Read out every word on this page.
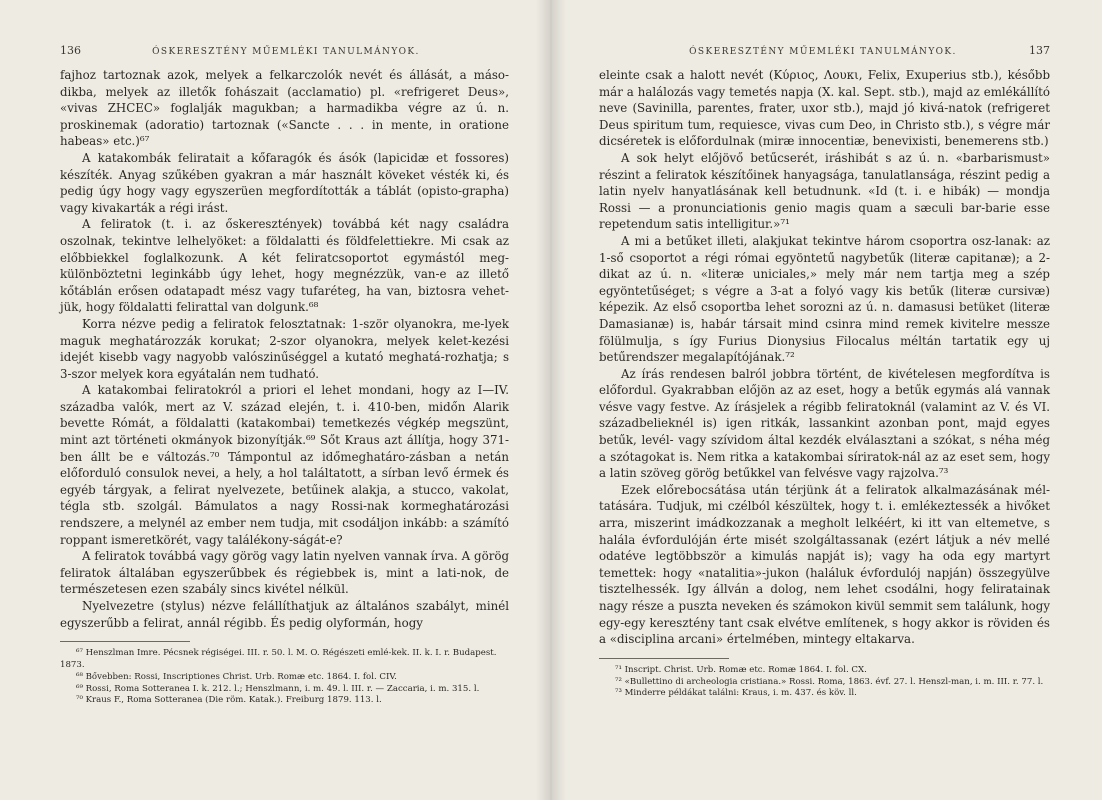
136	ÓSKERESZTÉNY MŰEMLÉKI TANULMÁNYOK.

fajhoz tartoznak azok, melyek a felkarczolók nevét és állását, a máso-dikba, melyek az illetők fohászait (acclamatio) pl. «refrigeret Deus», «vivas ZHCEC» foglalják magukban; a harmadikba végre az ú. n. proskinemak (adoratio) tartoznak («Sancte . . . in mente, in oratione habeas» etc.)⁶⁷

A katakombák feliratait a kőfaragók és ásók (lapicidæ et fossores) készíték. Anyag szűkében gyakran a már használt köveket vésték ki, és pedig úgy hogy vagy egyszerüen megfordították a táblát (opisto-grapha) vagy kivakarták a régi irást.

A feliratok (t. i. az őskeresztények) továbbá két nagy családra oszolnak, tekintve lelhelyöket: a földalatti és földfelettiekre. Mi csak az előbbiekkel foglalkozunk. A két feliratcsoportot egymástól meg-különböztetni leginkább úgy lehet, hogy megnézzük, van-e az illető kőtáblán erősen odatapadt mész vagy tufaréteg, ha van, biztosra vehet-jük, hogy földalatti felirattal van dolgunk.⁶⁸

Korra nézve pedig a feliratok felosztatnak: 1-ször olyanokra, me-lyek maguk meghatározzák korukat; 2-szor olyanokra, melyek kelet-kezési idejét kisebb vagy nagyobb valószinűséggel a kutató meghatá-rozhatja; s 3-szor melyek kora egyátalán nem tudható.

A katakombai feliratokról a priori el lehet mondani, hogy az I—IV. századba valók, mert az V. század elején, t. i. 410-ben, midőn Alarik bevette Rómát, a földalatti (katakombai) temetkezés végkép megszünt, mint azt történeti okmányok bizonyítják.⁶⁹ Sőt Kraus azt állítja, hogy 371-ben állt be e változás.⁷⁰ Támpontul az időmeghatáro-zásban a netán előforduló consulok nevei, a hely, a hol találtatott, a sírban levő érmek és egyéb tárgyak, a felirat nyelvezete, betűinek alakja, a stucco, vakolat, tégla stb. szolgál. Bámulatos a nagy Rossi-nak kormeghatározási rendszere, a melynél az ember nem tudja, mit csodáljon inkább: a számító roppant ismeretkörét, vagy találékony-ságát-e?

A feliratok továbbá vagy görög vagy latin nyelven vannak írva. A görög feliratok általában egyszerűbbek és régiebbek is, mint a lati-nok, de természetesen ezen szabály sincs kivétel nélkül.

Nyelvezetre (stylus) nézve felállíthatjuk az általános szabályt, minél egyszerűbb a felirat, annál régibb. És pedig olyformán, hogy

⁶⁷ Henszlman Imre. Pécsnek régiségei. III. r. 50. l. M. O. Régészeti emlé-kek. II. k. I. r. Budapest. 1873.
⁶⁸ Bővebben: Rossi, Inscriptiones Christ. Urb. Romæ etc. 1864. I. fol. CIV.
⁶⁹ Rossi, Roma Sotteranea I. k. 212. l.; Henszlmann, i. m. 49. l. III. r. — Zaccaria, i. m. 315. l.
⁷⁰ Kraus F., Roma Sotteranea (Die röm. Katak.). Freiburg 1879. 113. l.
ÓSKERESZTÉNY MŰEMLÉKI TANULMÁNYOK.	137

eleinte csak a halott nevét (Κύριος, Λουκι, Felix, Exuperius stb.), később már a halálozás vagy temetés napja (X. kal. Sept. stb.), majd az emlékállító neve (Savinilla, parentes, frater, uxor stb.), majd jó kivá-natok (refrigeret Deus spiritum tum, requiesce, vivas cum Deo, in Christo stb.), s végre már dicséretek is előfordulnak (miræ innocentiæ, benevixisti, benemerens stb.)

A sok helyt előjövő betűcserét, iráshibát s az ú. n. «barbarismust» részint a feliratok készítőinek hanyagsága, tanulatlansága, részint pedig a latin nyelv hanyatlásának kell betudnunk. «Id (t. i. e hibák) — mondja Rossi — a pronunciationis genio magis quam a sæculi bar-barie esse repetendum satis intelligitur.»⁷¹

A mi a betűket illeti, alakjukat tekintve három csoportra osz-lanak: az 1-ső csoportot a régi római egyöntetű nagybetűk (literæ capitanæ); a 2-dikat az ú. n. «literæ uniciales,» mely már nem tartja meg a szép egyöntetűséget; s végre a 3-at a folyó vagy kis betűk (literæ cursivæ) képezik. Az első csoportba lehet sorozni az ú. n. damasusi betüket (literæ Damasianæ) is, habár társait mind csinra mind remek kivitelre messze fölülmulja, s így Furius Dionysius Filocalus méltán tartatik egy uj betűrendszer megalapítójának.⁷²

Az írás rendesen balról jobbra történt, de kivételesen megfordítva is előfordul. Gyakrabban előjön az az eset, hogy a betűk egymás alá vannak vésve vagy festve. Az írásjelek a régibb feliratoknál (valamint az V. és VI. századbelieknél is) igen ritkák, lassankint azonban pont, majd egyes betűk, levél- vagy szívidom által kezdék elválasztani a szókat, s néha még a szótagokat is. Nem ritka a katakombai síriratok-nál az az eset sem, hogy a latin szöveg görög betűkkel van felvésve vagy rajzolva.⁷³

Ezek előrebocsátása után térjünk át a feliratok alkalmazásának mél-tatására. Tudjuk, mi czélból készültek, hogy t. i. emlékeztessék a hivőket arra, miszerint imádkozzanak a megholt lelkéért, ki itt van eltemetve, s halála évfordulóján érte misét szolgáltassanak (ezért látjuk a név mellé odatéve legtöbbször a kimulás napját is); vagy ha oda egy martyrt temettek: hogy «natalitia»-jukon (haláluk évfordulój napján) összegyülve tisztelhessék. Igy állván a dolog, nem lehet csodálni, hogy feliratainak nagy része a puszta neveken és számokon kivül semmit sem találunk, hogy egy-egy keresztény tant csak elvétve említenek, s hogy akkor is röviden és a «disciplina arcani» értelmében, mintegy eltakarva.

⁷¹ Inscript. Christ. Urb. Romæ etc. Romæ 1864. I. fol. CX.
⁷² «Bullettino di archeologia cristiana.» Rossi. Roma, 1863. évf. 27. l. Henszl-man, i. m. III. r. 77. l.
⁷³ Minderre példákat találni: Kraus, i. m. 437. és köv. ll.
